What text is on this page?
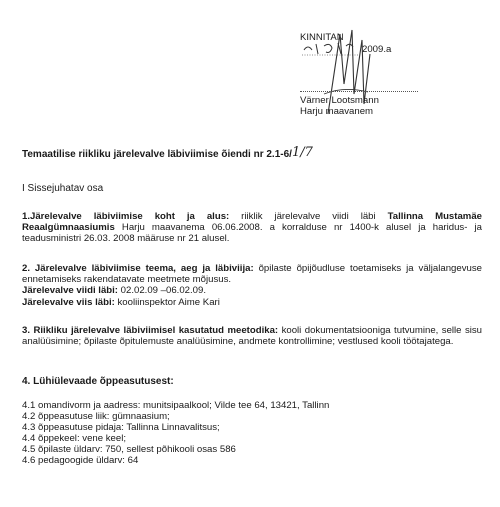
KINNITAN
2009.a
Värner Lootsmann
Harju maavanem
Temaatilise riikliku järelevalve läbiviimise õiendi nr 2.1-6/1/7
I Sissejuhatav osa
1.Järelevalve läbiviimise koht ja alus: riiklik järelevalve viidi läbi Tallinna Mustamäe Reaalgümnaasiumis Harju maavanema 06.06.2008. a korralduse nr 1400-k alusel ja haridus- ja teadusministri 26.03. 2008 määruse nr 21 alusel.
2. Järelevalve läbiviimise teema, aeg ja läbiviija: õpilaste õpijõudluse toetamiseks ja väljalangevuse ennetamiseks rakendatavate meetmete mõjusus.
Järelevalve viidi läbi: 02.02.09 –06.02.09.
Järelevalve viis läbi: kooliinspektor Aime Kari
3. Riikliku järelevalve läbiviimisel kasutatud meetodika: kooli dokumentatsiooniga tutvumine, selle sisu analüüsimine; õpilaste õpitulemuste analüüsimine, andmete kontrollimine; vestlused kooli töötajatega.
4. Lühiülevaade õppeasutusest:
4.1 omandivorm ja aadress: munitsipaalkool; Vilde tee 64, 13421, Tallinn
4.2 õppeasutuse liik: gümnaasium;
4.3 õppeasutuse pidaja: Tallinna Linnavalitsus;
4.4 õppekeel: vene keel;
4.5 õpilaste üldarv: 750, sellest põhikooli osas 586
4.6 pedagoogide üldarv: 64
